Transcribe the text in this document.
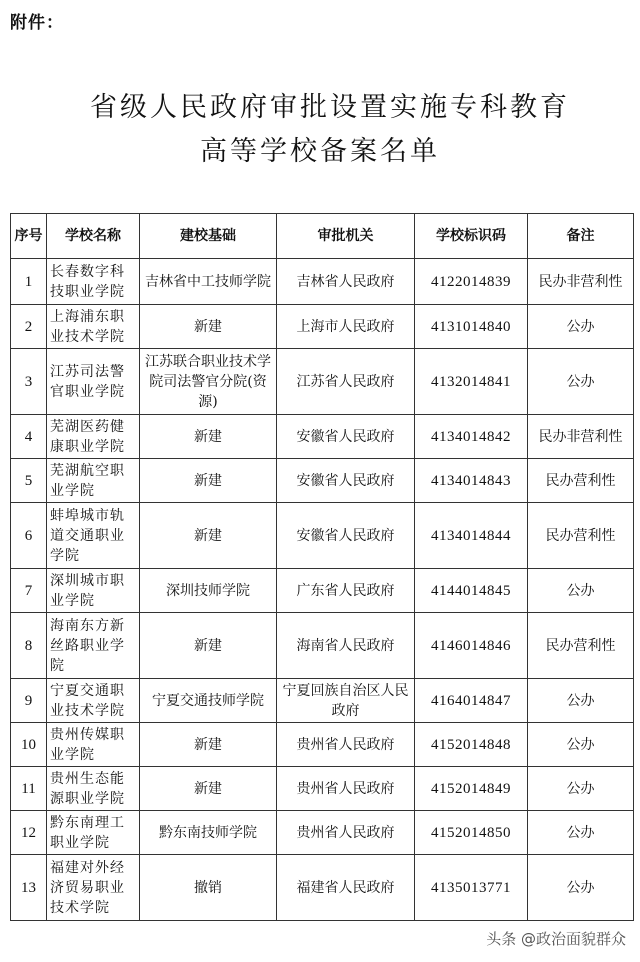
附件：
省级人民政府审批设置实施专科教育
高等学校备案名单
序号	学校名称	建校基础	审批机关	学校标识码	备注
1	长春数字科技职业学院	吉林省中工技师学院	吉林省人民政府	4122014839	民办非营利性
2	上海浦东职业技术学院	新建	上海市人民政府	4131014840	公办
3	江苏司法警官职业学院	江苏联合职业技术学院司法警官分院(资源)	江苏省人民政府	4132014841	公办
4	芜湖医药健康职业学院	新建	安徽省人民政府	4134014842	民办非营利性
5	芜湖航空职业学院	新建	安徽省人民政府	4134014843	民办营利性
6	蚌埠城市轨道交通职业学院	新建	安徽省人民政府	4134014844	民办营利性
7	深圳城市职业学院	深圳技师学院	广东省人民政府	4144014845	公办
8	海南东方新丝路职业学院	新建	海南省人民政府	4146014846	民办营利性
9	宁夏交通职业技术学院	宁夏交通技师学院	宁夏回族自治区人民政府	4164014847	公办
10	贵州传媒职业学院	新建	贵州省人民政府	4152014848	公办
11	贵州生态能源职业学院	新建	贵州省人民政府	4152014849	公办
12	黔东南理工职业学院	黔东南技师学院	贵州省人民政府	4152014850	公办
13	福建对外经济贸易职业技术学院	撤销	福建省人民政府	4135013771	公办
头条 @政治面貌群众
